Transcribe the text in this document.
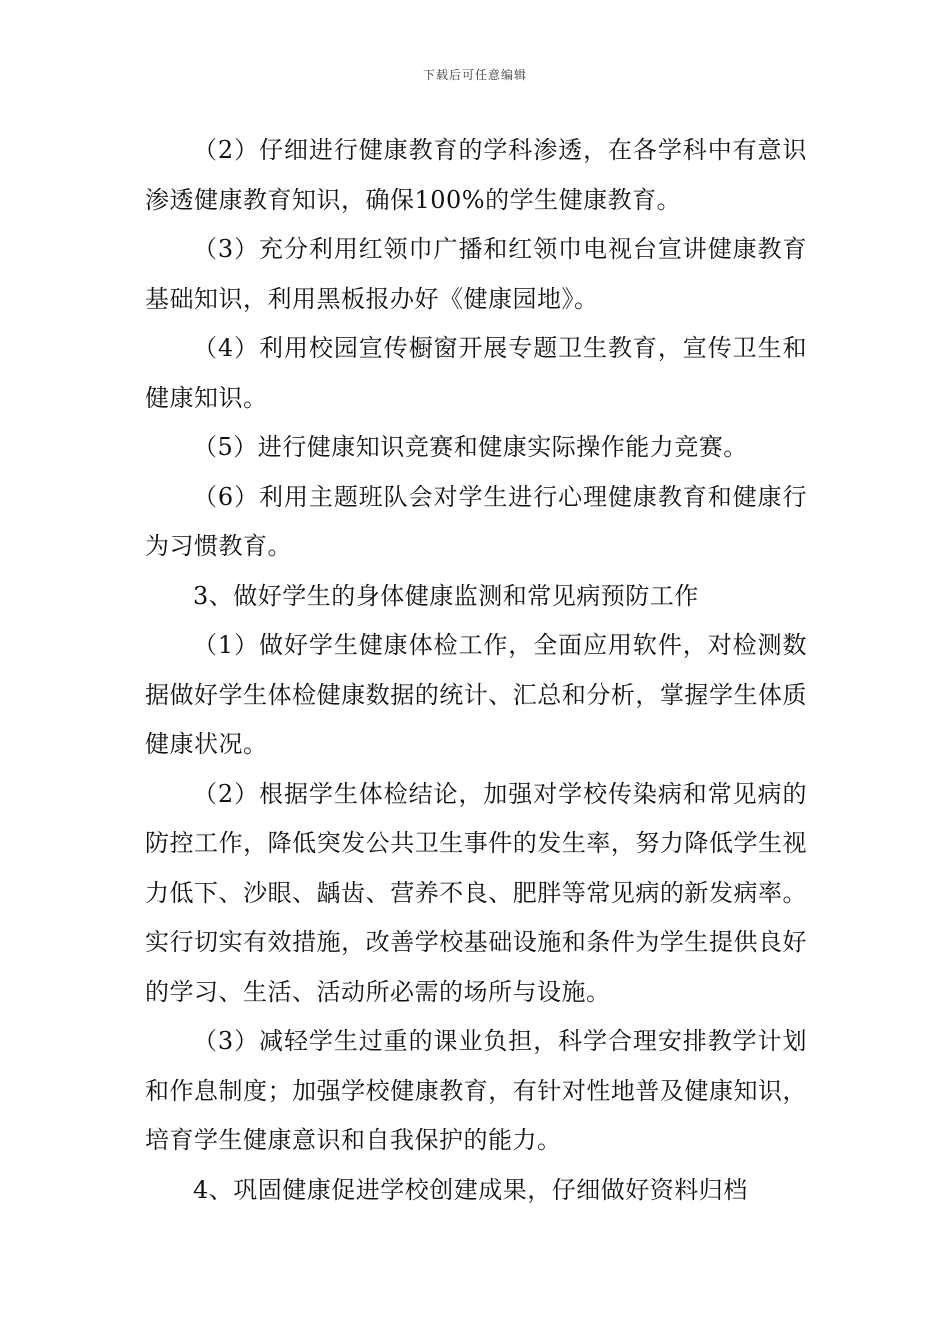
下载后可任意编辑

（2）仔细进行健康教育的学科渗透，在各学科中有意识渗透健康教育知识，确保100%的学生健康教育。

（3）充分利用红领巾广播和红领巾电视台宣讲健康教育基础知识，利用黑板报办好《健康园地》。

（4）利用校园宣传橱窗开展专题卫生教育，宣传卫生和健康知识。

（5）进行健康知识竞赛和健康实际操作能力竞赛。

（6）利用主题班队会对学生进行心理健康教育和健康行为习惯教育。

3、做好学生的身体健康监测和常见病预防工作

（1）做好学生健康体检工作，全面应用软件，对检测数据做好学生体检健康数据的统计、汇总和分析，掌握学生体质健康状况。

（2）根据学生体检结论，加强对学校传染病和常见病的防控工作，降低突发公共卫生事件的发生率，努力降低学生视力低下、沙眼、龋齿、营养不良、肥胖等常见病的新发病率。实行切实有效措施，改善学校基础设施和条件为学生提供良好的学习、生活、活动所必需的场所与设施。

（3）减轻学生过重的课业负担，科学合理安排教学计划和作息制度；加强学校健康教育，有针对性地普及健康知识，培育学生健康意识和自我保护的能力。

4、巩固健康促进学校创建成果，仔细做好资料归档
